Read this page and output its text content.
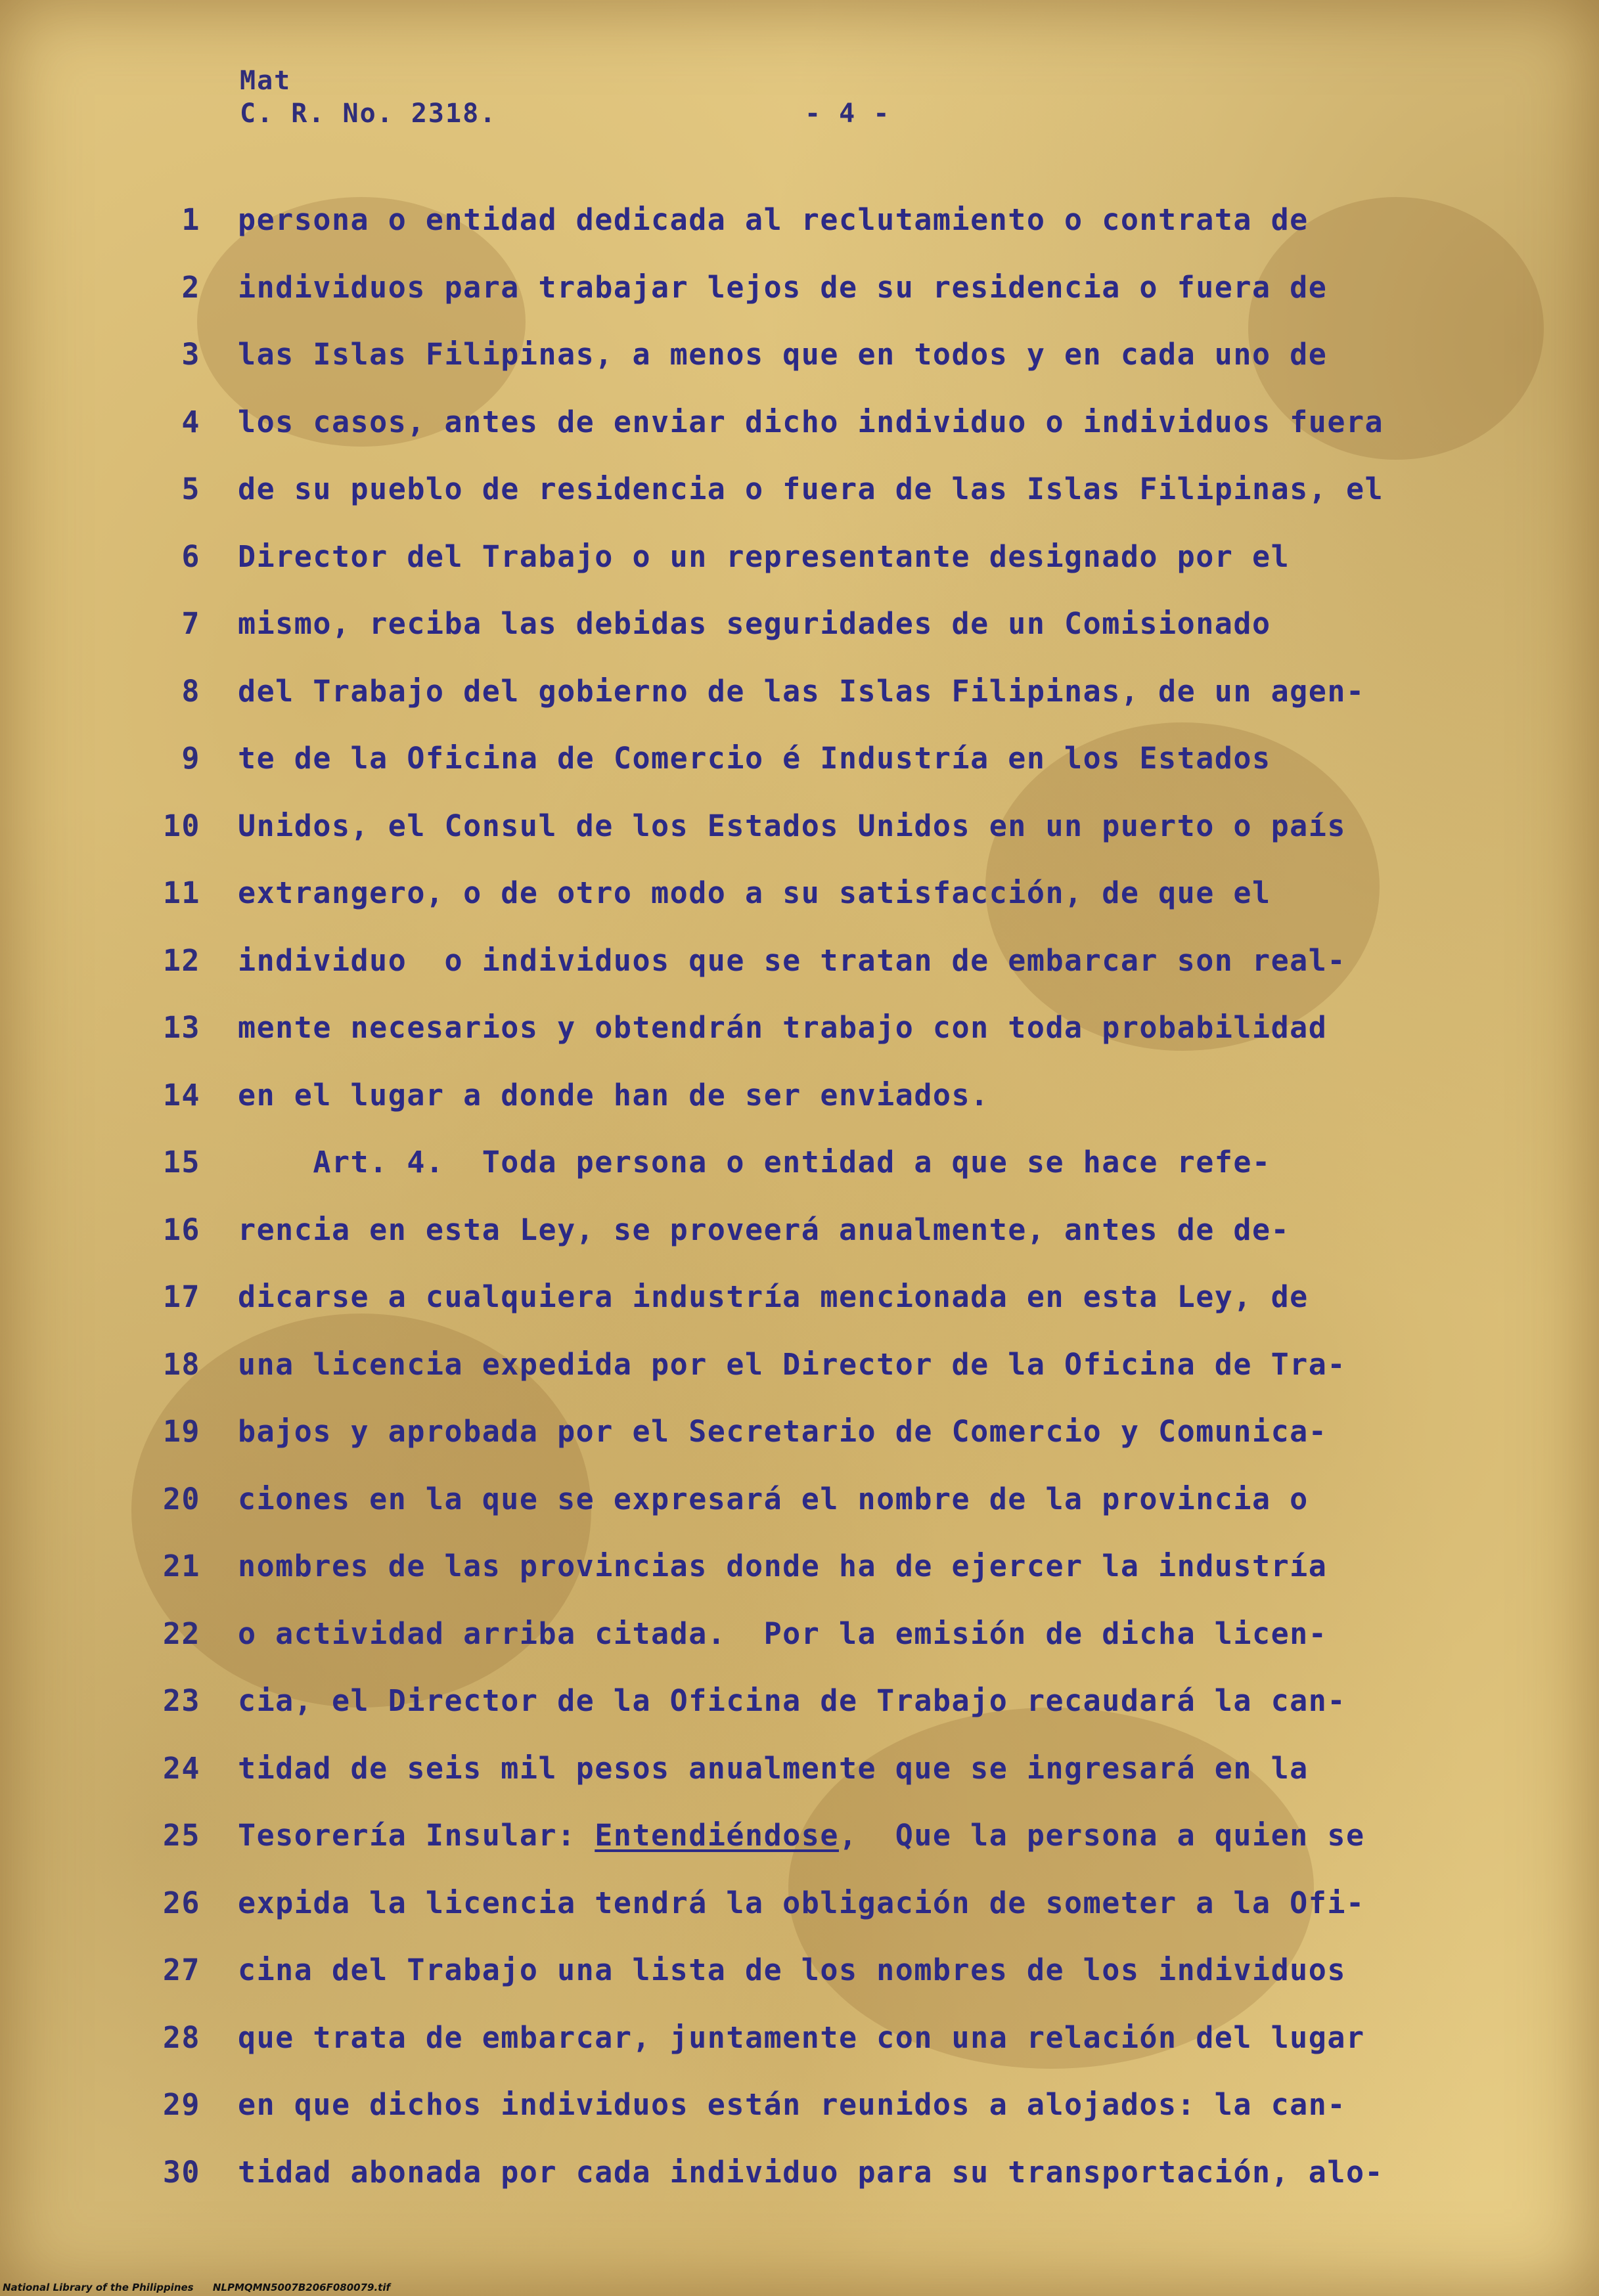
Mat
C. R. No. 2318.	- 4 -
1 persona o entidad dedicada al reclutamiento o contrata de
2 individuos para trabajar lejos de su residencia o fuera de
3 las Islas Filipinas, a menos que en todos y en cada uno de
4 los casos, antes de enviar dicho individuo o individuos fuera
5 de su pueblo de residencia o fuera de las Islas Filipinas, el
6 Director del Trabajo o un representante designado por el
7 mismo, reciba las debidas seguridades de un Comisionado
8 del Trabajo del gobierno de las Islas Filipinas, de un agen-
9 te de la Oficina de Comercio é Industría en los Estados
10 Unidos, el Consul de los Estados Unidos en un puerto o país
11 extrangero, o de otro modo a su satisfacción, de que el
12 individuo  o individuos que se tratan de embarcar son real-
13 mente necesarios y obtendrán trabajo con toda probabilidad
14 en el lugar a donde han de ser enviados.
15 Art. 4.  Toda persona o entidad a que se hace refe-
16 rencia en esta Ley, se proveerá anualmente, antes de de-
17 dicarse a cualquiera industría mencionada en esta Ley, de
18 una licencia expedida por el Director de la Oficina de Tra-
19 bajos y aprobada por el Secretario de Comercio y Comunica-
20 ciones en la que se expresará el nombre de la provincia o
21 nombres de las provincias donde ha de ejercer la industría
22 o actividad arriba citada.  Por la emisión de dicha licen-
23 cia, el Director de la Oficina de Trabajo recaudará la can-
24 tidad de seis mil pesos anualmente que se ingresará en la
25 Tesorería Insular: Entendiéndose,  Que la persona a quien se
26 expida la licencia tendrá la obligación de someter a la Ofi-
27 cina del Trabajo una lista de los nombres de los individuos
28 que trata de embarcar, juntamente con una relación del lugar
29 en que dichos individuos están reunidos a alojados: la can-
30 tidad abonada por cada individuo para su transportación, alo-
National Library of the Philippines NLPMQMN5007B206F080079.tif
